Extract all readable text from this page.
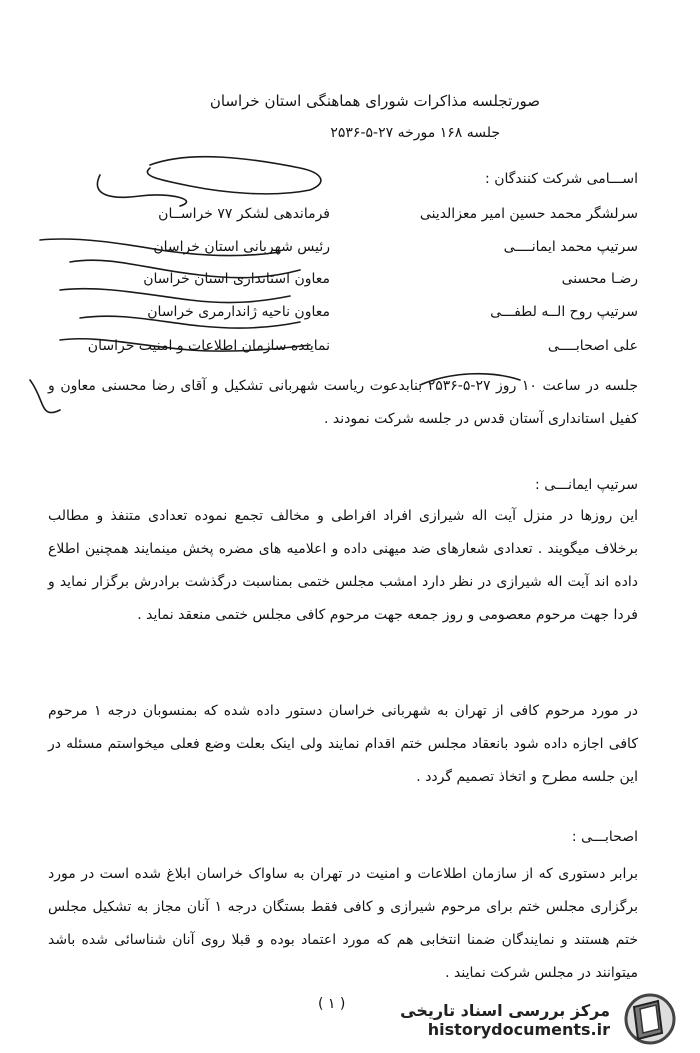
صورتجلسه مذاکرات شورای هماهنگی استان خراسان
جلسه ۱۶۸ مورخه ۲۷-۵-۲۵۳۶
اســـامی شرکت کنندگان :
سرلشگر محمد حسین امیر معزالدینی
فرماندهی لشکر ۷۷ خراســان
سرتیپ محمد ایمانــــی
رئیس شهربانی استان خراسان
رضـا محسنی
معاون استانداری استان خراسان
سرتیپ روح الــه لطفـــی
معاون ناحیه ژاندارمری خراسان
علی اصحابــــی
نماینده سازمان اطلاعات و امنیت خراسان
جلسه در ساعت ۱۰ روز ۲۷-۵-۲۵۳۶ بنابدعوت ریاست شهربانی تشکیل و آقای رضا محسنی معاون و کفیل استانداری آستان قدس در جلسه شرکت نمودند .
سرتیپ ایمانـــی :
این روزها در منزل آیت اله شیرازی افراد افراطی و مخالف تجمع نموده تعدادی متنفذ و مطالب برخلاف میگویند . تعدادی شعارهای ضد میهنی داده و اعلامیه های مضره پخش مینمایند همچنین اطلاع داده اند آیت اله شیرازی در نظر دارد امشب مجلس ختمی بمناسبت درگذشت برادرش برگزار نماید و فردا جهت مرحوم معصومی و روز جمعه جهت مرحوم کافی مجلس ختمی منعقد نماید .
در مورد مرحوم کافی از تهران به شهربانی خراسان دستور داده شده که بمنسوبان درجه ۱ مرحوم کافی اجازه داده شود بانعقاد مجلس ختم اقدام نمایند ولی اینک بعلت وضع فعلی میخواستم مسئله در این جلسه مطرح و اتخاذ تصمیم گردد .
اصحابـــی :
برابر دستوری که از سازمان اطلاعات و امنیت در تهران به ساواک خراسان ابلاغ شده است در مورد برگزاری مجلس ختم برای مرحوم شیرازی و کافی فقط بستگان درجه ۱ آنان مجاز به تشکیل مجلس ختم هستند و نمایندگان ضمنا انتخابی هم که مورد اعتماد بوده و قبلا روی آنان شناسائی شده باشد میتوانند در مجلس شرکت نمایند .
( ۱ )	مرکز بررسی اسناد تاریخی
historydocuments.ir
